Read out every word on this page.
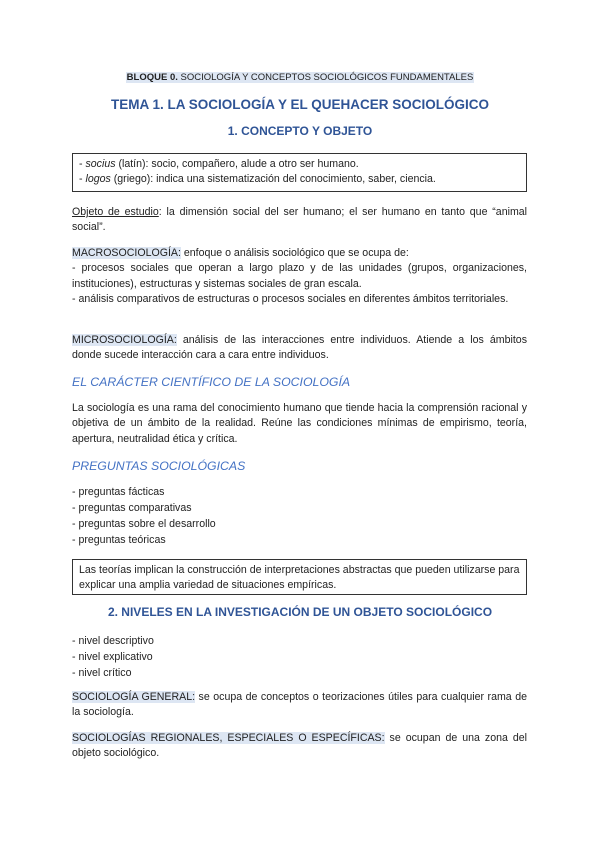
BLOQUE 0. SOCIOLOGÍA Y CONCEPTOS SOCIOLÓGICOS FUNDAMENTALES
TEMA 1. LA SOCIOLOGÍA Y EL QUEHACER SOCIOLÓGICO
1. CONCEPTO Y OBJETO
- socius (latín): socio, compañero, alude a otro ser humano.
- logos (griego): indica una sistematización del conocimiento, saber, ciencia.
Objeto de estudio: la dimensión social del ser humano; el ser humano en tanto que “animal social”.
MACROSOCIOLOGÍA: enfoque o análisis sociológico que se ocupa de:
- procesos sociales que operan a largo plazo y de las unidades (grupos, organizaciones, instituciones), estructuras y sistemas sociales de gran escala.
- análisis comparativos de estructuras o procesos sociales en diferentes ámbitos territoriales.
MICROSOCIOLOGÍA: análisis de las interacciones entre individuos. Atiende a los ámbitos donde sucede interacción cara a cara entre individuos.
EL CARÁCTER CIENTÍFICO DE LA SOCIOLOGÍA
La sociología es una rama del conocimiento humano que tiende hacia la comprensión racional y objetiva de un ámbito de la realidad. Reúne las condiciones mínimas de empirismo, teoría, apertura, neutralidad ética y crítica.
PREGUNTAS SOCIOLÓGICAS
- preguntas fácticas
- preguntas comparativas
- preguntas sobre el desarrollo
- preguntas teóricas
Las teorías implican la construcción de interpretaciones abstractas que pueden utilizarse para explicar una amplia variedad de situaciones empíricas.
2. NIVELES EN LA INVESTIGACIÓN DE UN OBJETO SOCIOLÓGICO
- nivel descriptivo
- nivel explicativo
- nivel crítico
SOCIOLOGÍA GENERAL: se ocupa de conceptos o teorizaciones útiles para cualquier rama de la sociología.
SOCIOLOGÍAS REGIONALES, ESPECIALES O ESPECÍFICAS: se ocupan de una zona del objeto sociológico.
